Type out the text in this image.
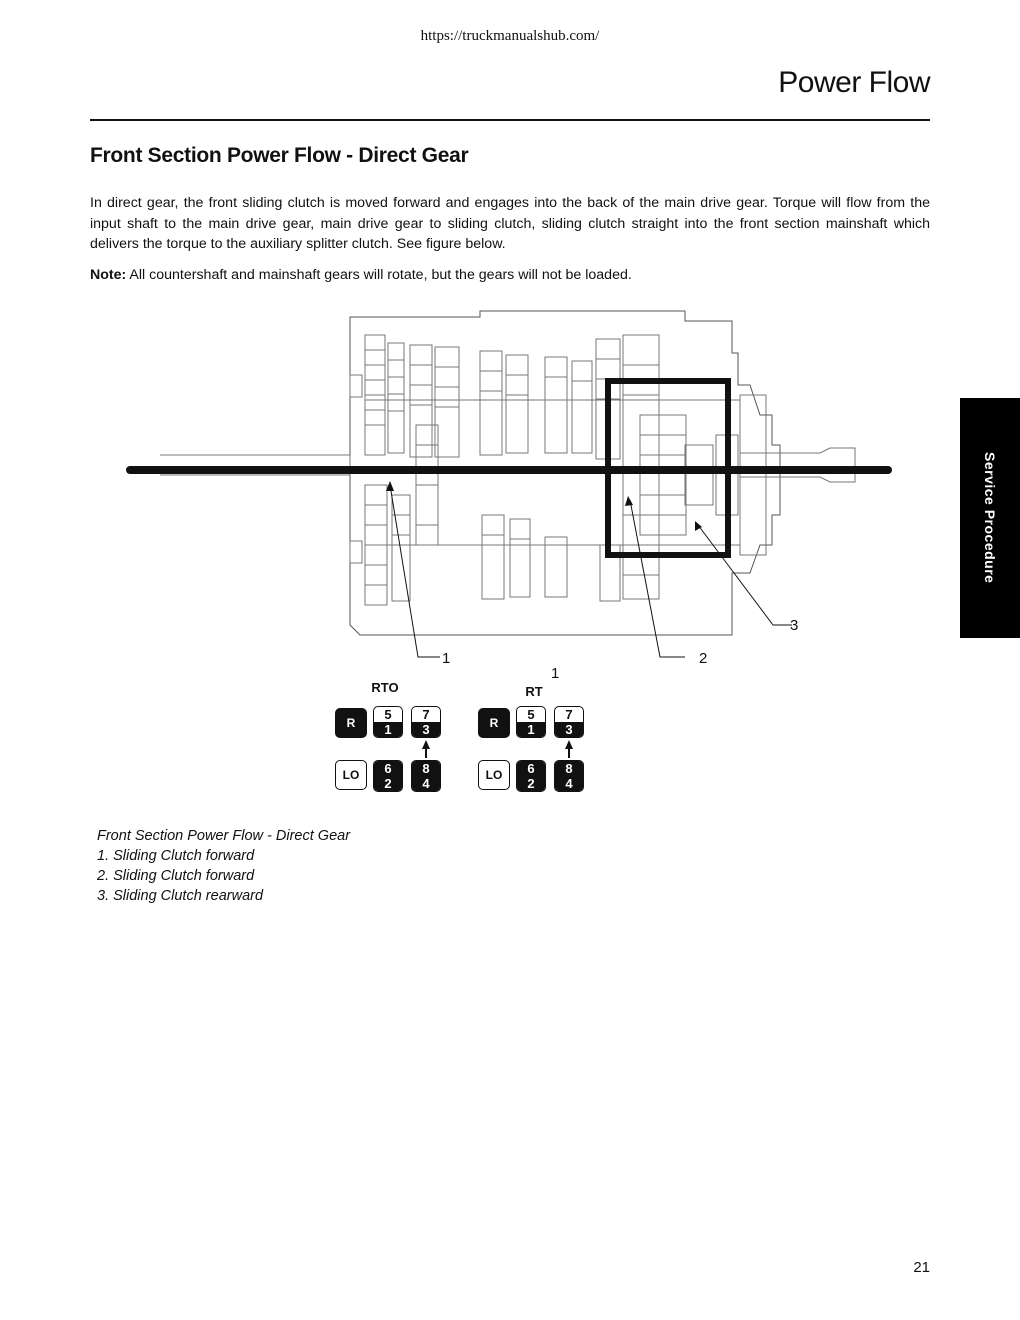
https://truckmanualshub.com/
Power Flow
Front Section Power Flow - Direct Gear

In direct gear, the front sliding clutch is moved forward and engages into the back of the main drive gear. Torque will flow from the input shaft to the main drive gear, main drive gear to sliding clutch, sliding clutch straight into the front section mainshaft which delivers the torque to the auxiliary splitter clutch. See figure below.

Note: All countershaft and mainshaft gears will rotate, but the gears will not be loaded.

1	2
3
1
RTO
R
5
1
7
3
LO	6
2
8
4
RT
R
5
1
7
3
LO	6
2
8
4
Front Section Power Flow - Direct Gear
1. Sliding Clutch forward
2. Sliding Clutch forward
3. Sliding Clutch rearward
Service Procedure
21
